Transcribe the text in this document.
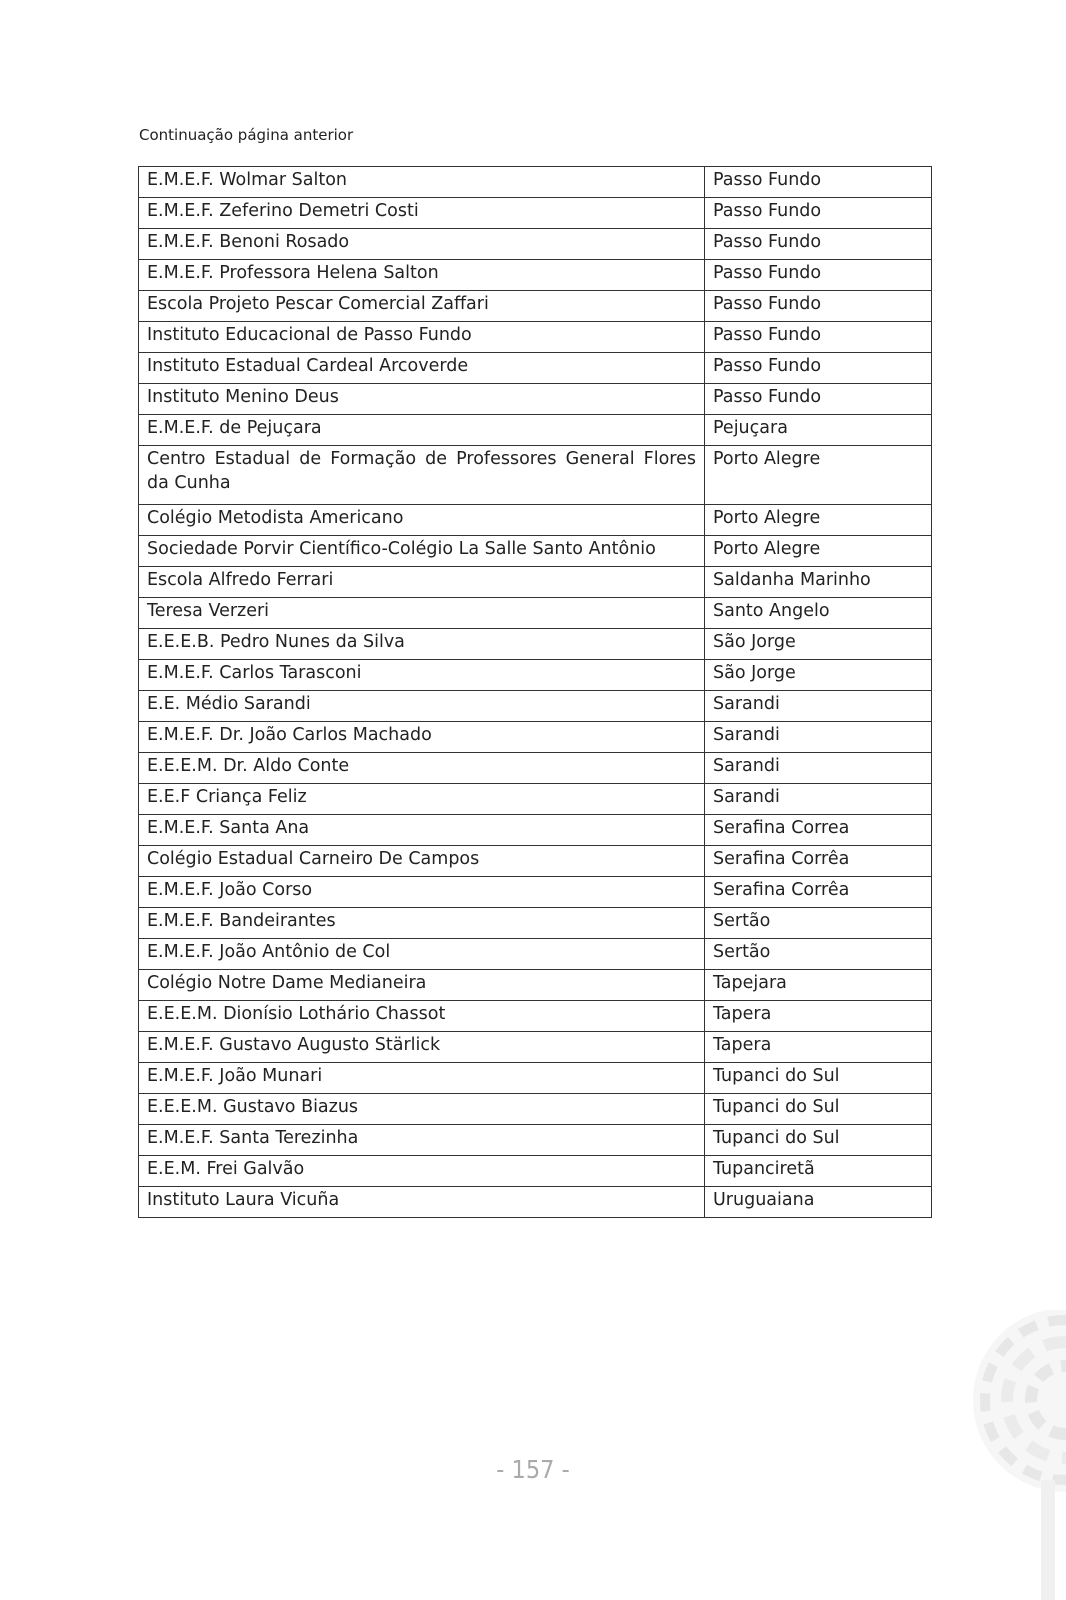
Continuação página anterior
E.M.E.F. Wolmar Salton	Passo Fundo
E.M.E.F. Zeferino Demetri Costi	Passo Fundo
E.M.E.F. Benoni Rosado	Passo Fundo
E.M.E.F. Professora Helena Salton	Passo Fundo
Escola Projeto Pescar Comercial Zaffari	Passo Fundo
Instituto Educacional de Passo Fundo	Passo Fundo
Instituto Estadual Cardeal Arcoverde	Passo Fundo
Instituto Menino Deus	Passo Fundo
E.M.E.F. de Pejuçara	Pejuçara
Centro Estadual de Formação de Professores General Flores da Cunha	Porto Alegre
Colégio Metodista Americano	Porto Alegre
Sociedade Porvir Científico-Colégio La Salle Santo Antônio	Porto Alegre
Escola Alfredo Ferrari	Saldanha Marinho
Teresa Verzeri	Santo Angelo
E.E.E.B. Pedro Nunes da Silva	São Jorge
E.M.E.F. Carlos Tarasconi	São Jorge
E.E. Médio Sarandi	Sarandi
E.M.E.F. Dr. João Carlos Machado	Sarandi
E.E.E.M. Dr. Aldo Conte	Sarandi
E.E.F Criança Feliz	Sarandi
E.M.E.F. Santa Ana	Serafina Correa
Colégio Estadual Carneiro De Campos	Serafina Corrêa
E.M.E.F. João Corso	Serafina Corrêa
E.M.E.F. Bandeirantes	Sertão
E.M.E.F. João Antônio de Col	Sertão
Colégio Notre Dame Medianeira	Tapejara
E.E.E.M. Dionísio Lothário Chassot	Tapera
E.M.E.F. Gustavo Augusto Stärlick	Tapera
E.M.E.F. João Munari	Tupanci do Sul
E.E.E.M. Gustavo Biazus	Tupanci do Sul
E.M.E.F. Santa Terezinha	Tupanci do Sul
E.E.M. Frei Galvão	Tupanciretã
Instituto Laura Vicuña	Uruguaiana
- 157 -
